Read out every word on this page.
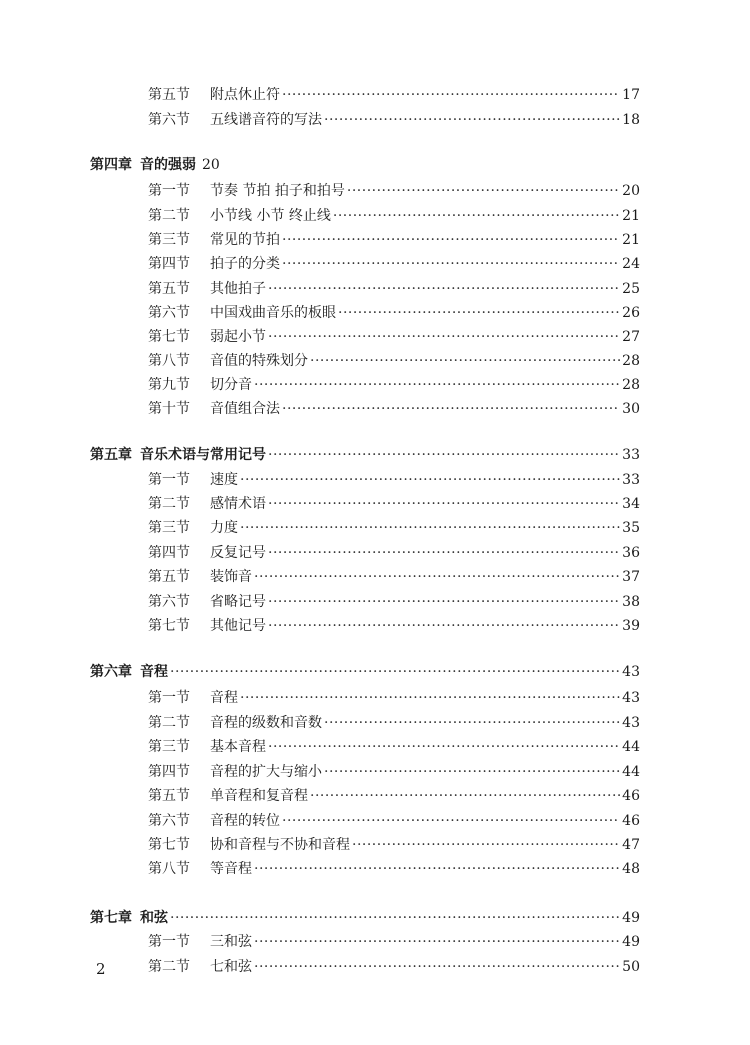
第五节	附点休止符 ·····	17
第六节	五线谱音符的写法 ·····	18
第四章 音的强弱 20
第一节	节奏 节拍 拍子和拍号 ·····	20
第二节	小节线 小节 终止线 ·····	21
第三节	常见的节拍 ·····	21
第四节	拍子的分类 ·····	24
第五节	其他拍子 ·····	25
第六节	中国戏曲音乐的板眼 ·····	26
第七节	弱起小节 ·····	27
第八节	音值的特殊划分 ·····	28
第九节	切分音 ·····	28
第十节	音值组合法 ·····	30
第五章 音乐术语与常用记号 ·····	33
第一节	速度 ·····	33
第二节	感情术语 ·····	34
第三节	力度 ·····	35
第四节	反复记号 ·····	36
第五节	装饰音 ·····	37
第六节	省略记号 ·····	38
第七节	其他记号 ·····	39
第六章 音程 ·····	43
第一节	音程 ·····	43
第二节	音程的级数和音数 ·····	43
第三节	基本音程 ·····	44
第四节	音程的扩大与缩小 ·····	44
第五节	单音程和复音程 ·····	46
第六节	音程的转位 ·····	46
第七节	协和音程与不协和音程 ·····	47
第八节	等音程 ·····	48
第七章 和弦 ·····	49
第一节	三和弦 ·····	49
第二节	七和弦 ·····	50
2
